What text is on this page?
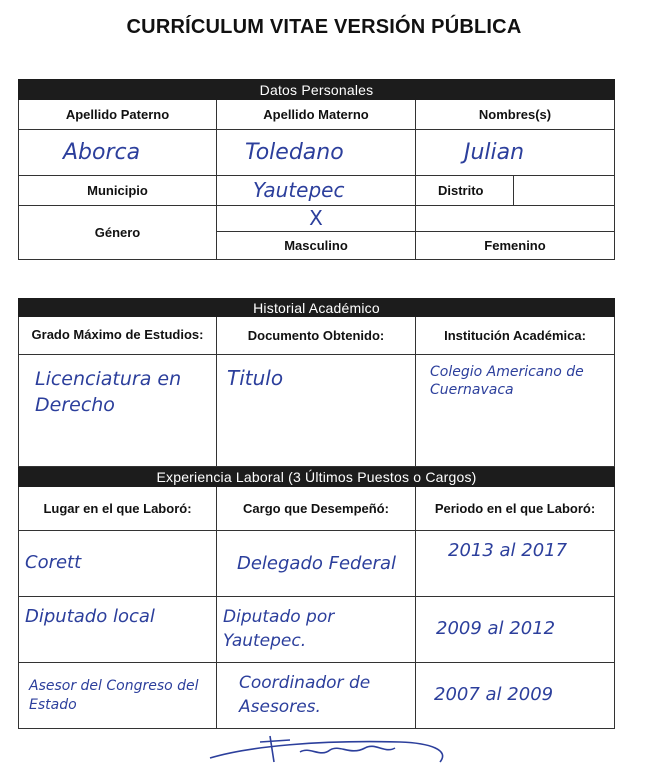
CURRÍCULUM VITAE VERSIÓN PÚBLICA
Datos Personales			
Apellido Paterno	Apellido Materno	Nombres(s)	
Aborca	Toledano	Julian	
Municipio	Yautepec	Distrito	
Género	X		
	Masculino	Femenino	
Historial Académico		
Grado Máximo de Estudios:	Documento Obtenido:	Institución Académica:
Licenciatura en Derecho	Titulo	Colegio Americano de Cuernavaca
Experiencia Laboral (3 Últimos Puestos o Cargos)		
Lugar en el que Laboró:	Cargo que Desempeñó:	Periodo en el que Laboró:
Corett	Delegado Federal	2013 al 2017
Diputado local	Diputado por Yautepec.	2009 al 2012
Asesor del Congreso del Estado	Coordinador de Asesores.	2007 al 2009
